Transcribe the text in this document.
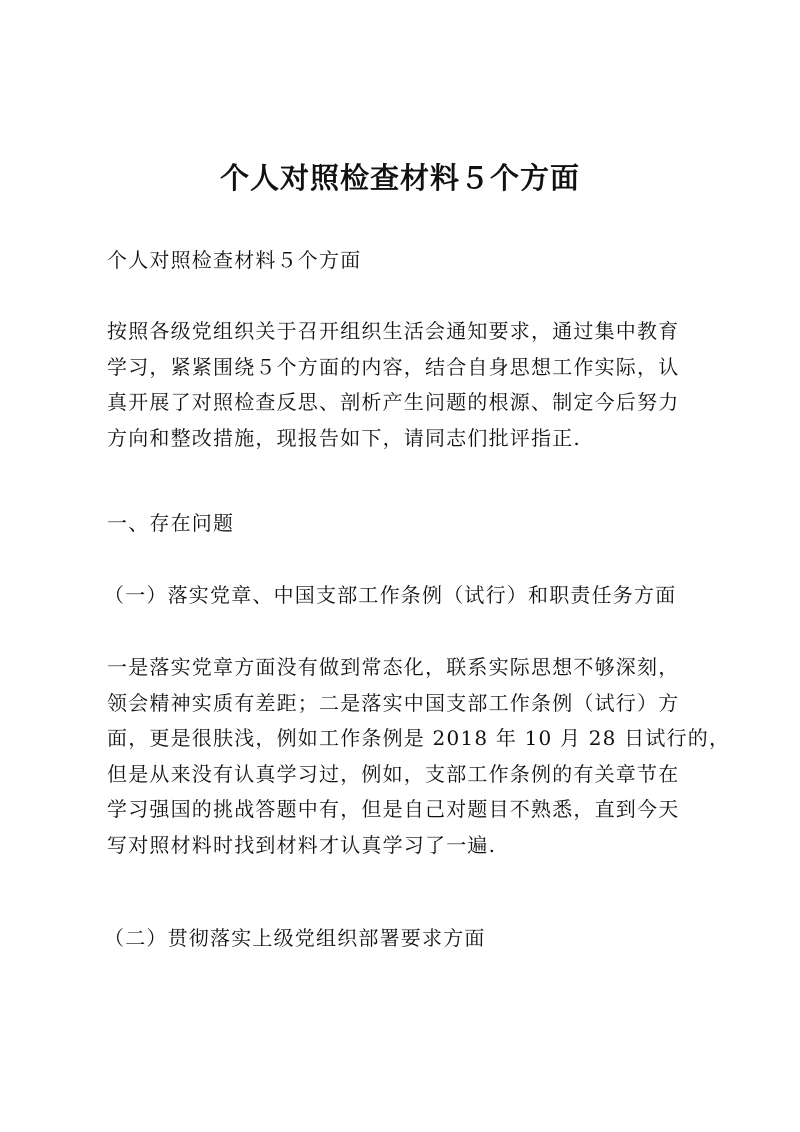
个人对照检查材料５个方面

个人对照检查材料５个方面

按照各级党组织关于召开组织生活会通知要求，通过集中教育
学习，紧紧围绕５个方面的内容，结合自身思想工作实际，认
真开展了对照检查反思、剖析产生问题的根源、制定今后努力
方向和整改措施，现报告如下，请同志们批评指正.

一、存在问题

（一）落实党章、中国支部工作条例（试行）和职责任务方面

一是落实党章方面没有做到常态化，联系实际思想不够深刻，
领会精神实质有差距；二是落实中国支部工作条例（试行）方
面，更是很肤浅，例如工作条例是 2018 年 10 月 28 日试行的，
但是从来没有认真学习过，例如，支部工作条例的有关章节在
学习强国的挑战答题中有，但是自己对题目不熟悉，直到今天
写对照材料时找到材料才认真学习了一遍.

（二）贯彻落实上级党组织部署要求方面
